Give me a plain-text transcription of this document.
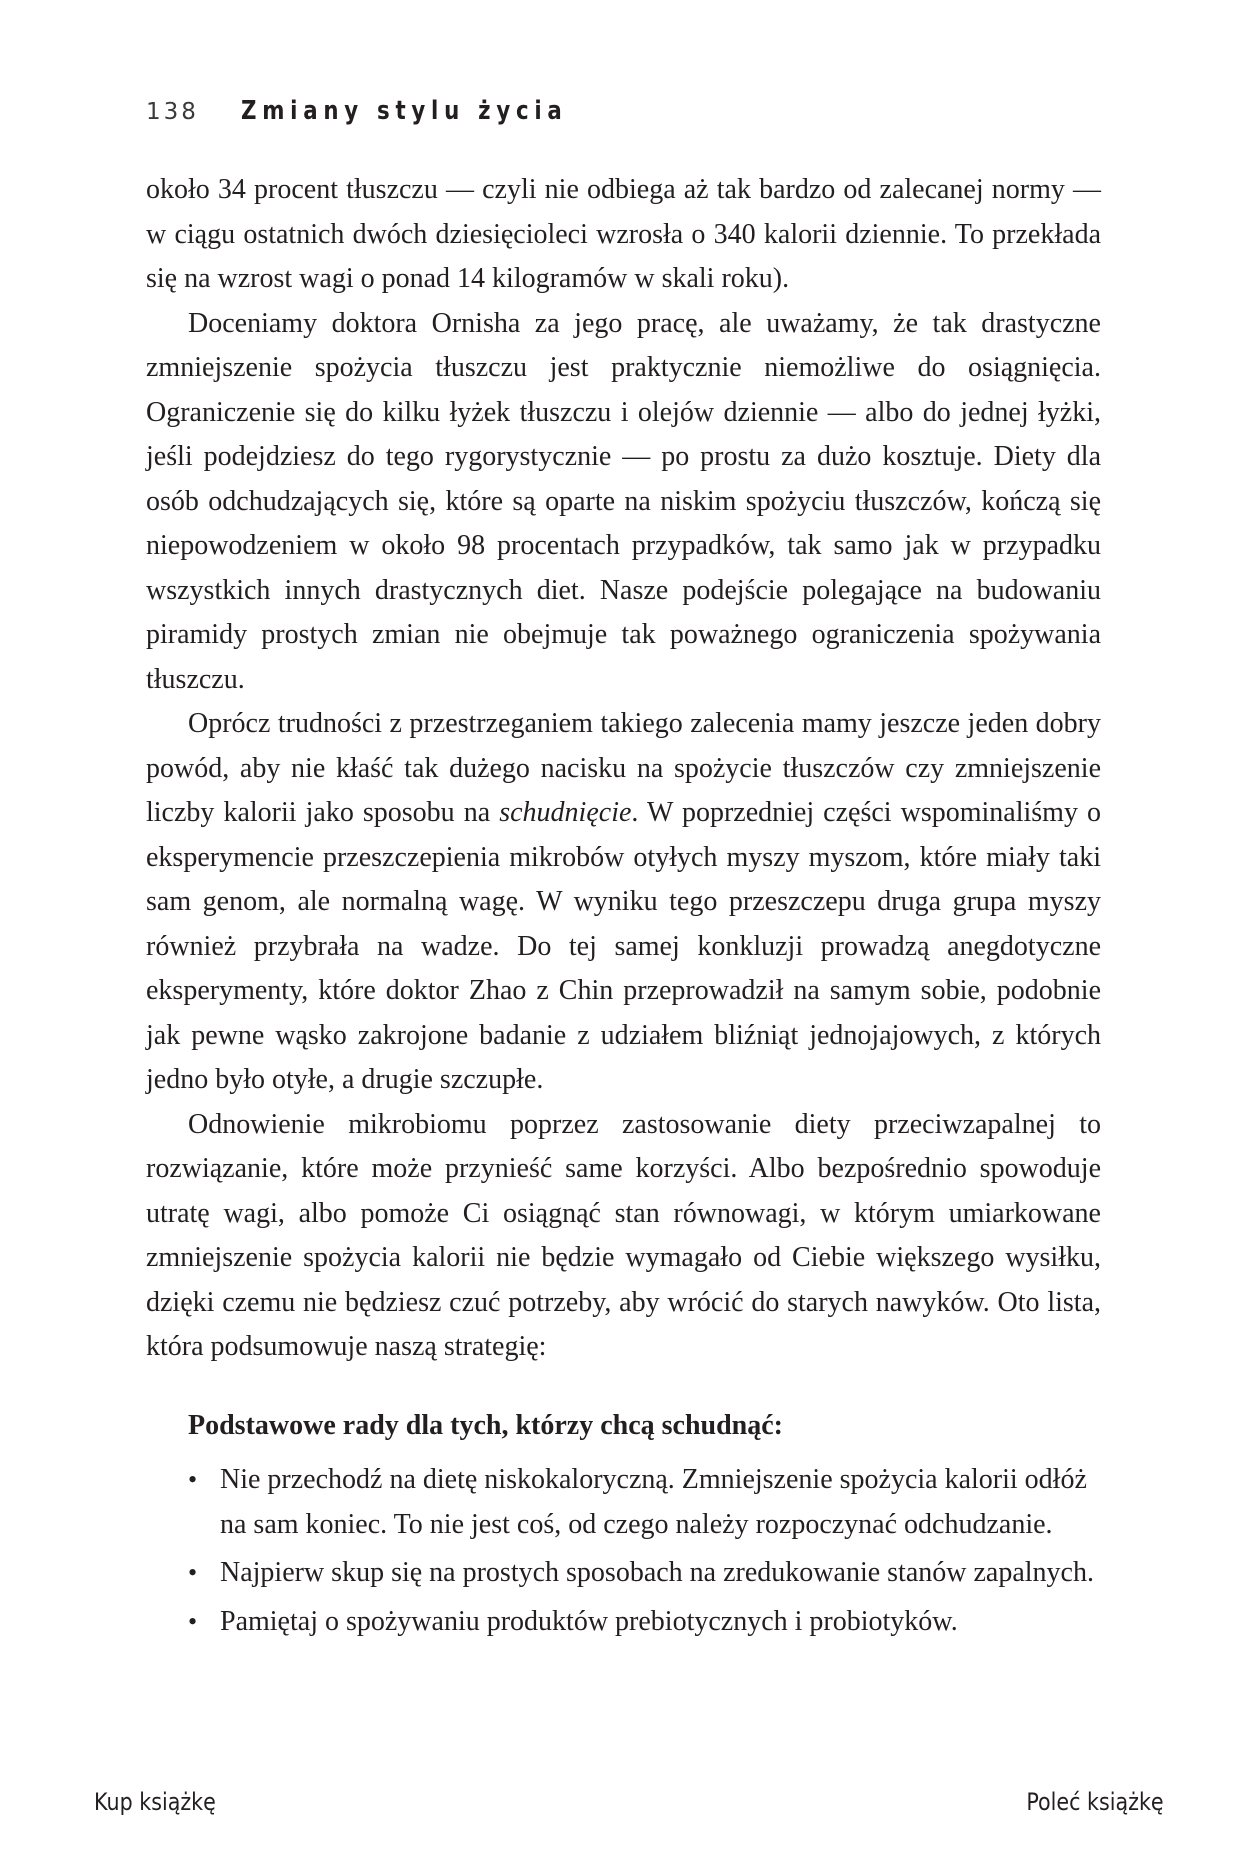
138 Zmiany stylu życia

około 34 procent tłuszczu — czyli nie odbiega aż tak bardzo od zalecanej normy — w ciągu ostatnich dwóch dziesięcioleci wzrosła o 340 kalorii dziennie. To przekłada się na wzrost wagi o ponad 14 kilogramów w skali roku).

Doceniamy doktora Ornisha za jego pracę, ale uważamy, że tak drastyczne zmniejszenie spożycia tłuszczu jest praktycznie niemożliwe do osiągnięcia. Ograniczenie się do kilku łyżek tłuszczu i olejów dziennie — albo do jednej łyżki, jeśli podejdziesz do tego rygorystycznie — po prostu za dużo kosztuje. Diety dla osób odchudzających się, które są oparte na niskim spożyciu tłuszczów, kończą się niepowodzeniem w około 98 procentach przypadków, tak samo jak w przypadku wszystkich innych drastycznych diet. Nasze podejście polegające na budowaniu piramidy prostych zmian nie obejmuje tak poważnego ograniczenia spożywania tłuszczu.

Oprócz trudności z przestrzeganiem takiego zalecenia mamy jeszcze jeden dobry powód, aby nie kłaść tak dużego nacisku na spożycie tłuszczów czy zmniejszenie liczby kalorii jako sposobu na schudnięcie. W poprzedniej części wspominaliśmy o eksperymencie przeszczepienia mikrobów otyłych myszy myszom, które miały taki sam genom, ale normalną wagę. W wyniku tego przeszczepu druga grupa myszy również przybrała na wadze. Do tej samej konkluzji prowadzą anegdotyczne eksperymenty, które doktor Zhao z Chin przeprowadził na samym sobie, podobnie jak pewne wąsko zakrojone badanie z udziałem bliźniąt jednojajowych, z których jedno było otyłe, a drugie szczupłe.

Odnowienie mikrobiomu poprzez zastosowanie diety przeciwzapalnej to rozwiązanie, które może przynieść same korzyści. Albo bezpośrednio spowoduje utratę wagi, albo pomoże Ci osiągnąć stan równowagi, w którym umiarkowane zmniejszenie spożycia kalorii nie będzie wymagało od Ciebie większego wysiłku, dzięki czemu nie będziesz czuć potrzeby, aby wrócić do starych nawyków. Oto lista, która podsumowuje naszą strategię:

Podstawowe rady dla tych, którzy chcą schudnąć:
• Nie przechodź na dietę niskokaloryczną. Zmniejszenie spożycia kalorii odłóż na sam koniec. To nie jest coś, od czego należy rozpoczynać odchudzanie.
• Najpierw skup się na prostych sposobach na zredukowanie stanów zapalnych.
• Pamiętaj o spożywaniu produktów prebiotycznych i probiotyków.
Kup książkę	Poleć książkę
